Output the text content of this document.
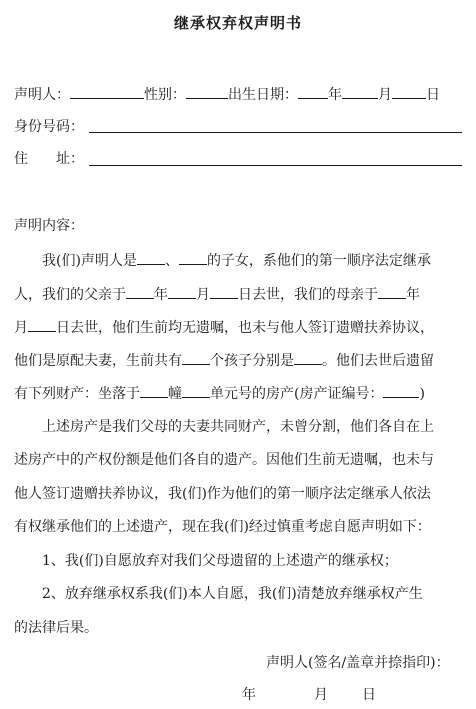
继承权弃权声明书
声明人：	性别：	出生日期： 年	月 日
身份号码：
住　　址：
声明内容：
我(们)声明人是 、 的子女，系他们的第一顺序法定继承
人，我们的父亲于 年 月 日去世，我们的母亲于 年
月 日去世，他们生前均无遗嘱，也未与他人签订遗赠扶养协议，
他们是原配夫妻，生前共有 个孩子分别是 。他们去世后遗留
有下列财产：坐落于 幢 单元号的房产(房产证编号：	)
上述房产是我们父母的夫妻共同财产，未曾分割，他们各自在上
述房产中的产权份额是他们各自的遗产。因他们生前无遗嘱，也未与
他人签订遗赠扶养协议，我(们)作为他们的第一顺序法定继承人依法
有权继承他们的上述遗产，现在我(们)经过慎重考虑自愿声明如下：
1、我(们)自愿放弃对我们父母遗留的上述遗产的继承权；
2、放弃继承权系我(们)本人自愿，我(们)清楚放弃继承权产生
的法律后果。
声明人(签名/盖章并捺指印)：
年	月 日
